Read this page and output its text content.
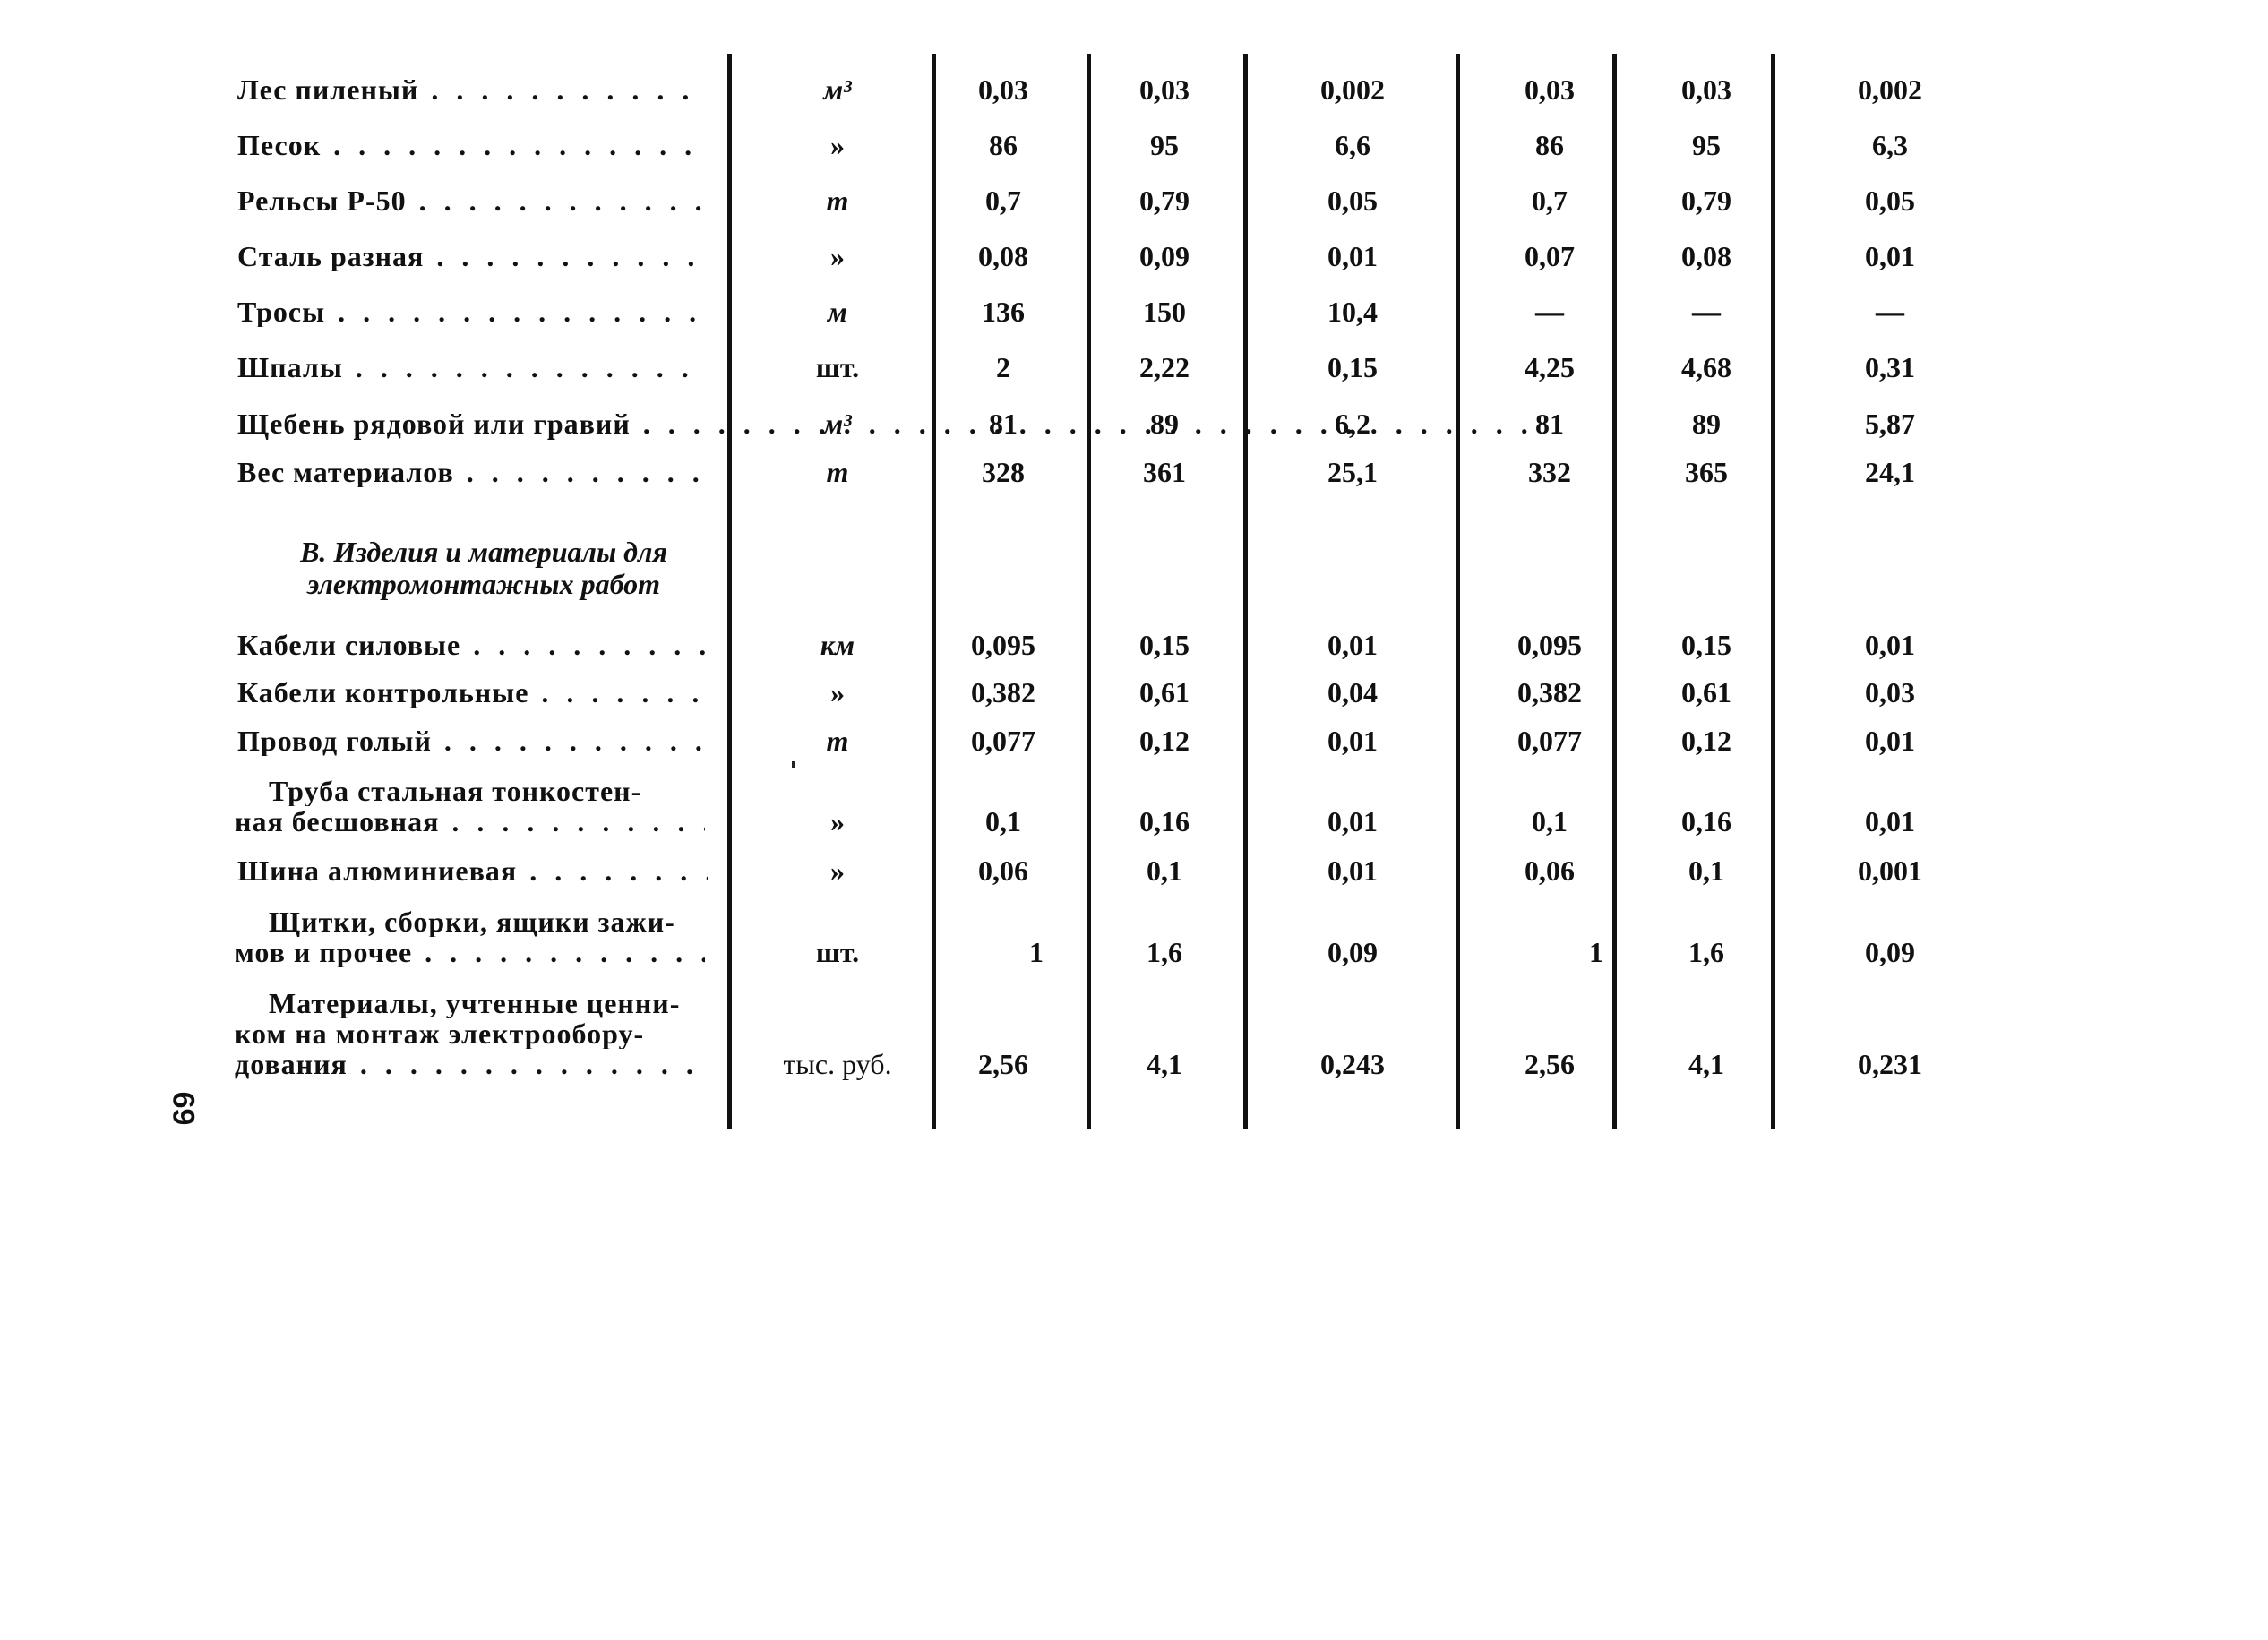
Лес пиленый . . .	м³	0,03	0,03	0,002	0,03	0,03	0,002
Песок . . .	»	86	95	6,6	86	95	6,3
Рельсы Р-50 . . .	т	0,7	0,79	0,05	0,7	0,79	0,05
Сталь разная . . .	»	0,08	0,09	0,01	0,07	0,08	0,01
Тросы . . .	м	136	150	10,4	—	—	—
Шпалы . . .	шт.	2	2,22	0,15	4,25	4,68	0,31
Щебень рядовой или гравий . . .	м³	81	89	6,2	81	89	5,87
Вес материалов . . .	т	328	361	25,1	332	365	24,1
В. Изделия и материалы для
электромонтажных работ
Кабели силовые . . .	км	0,095	0,15	0,01	0,095	0,15	0,01
Кабели контрольные . . .	»	0,382	0,61	0,04	0,382	0,61	0,03
Провод голый . . .	т	0,077	0,12	0,01	0,077	0,12	0,01
Труба стальная тонкостен-
ная бесшовная . . .	»	0,1	0,16	0,01	0,1	0,16	0,01
Шина алюминиевая . . .	»	0,06	0,1	0,01	0,06	0,1	0,001
Щитки, сборки, ящики зажи-
мов и прочее . . .	шт.	1	1,6	0,09	1	1,6	0,09
Материалы, учтенные ценни-
ком на монтаж электрообору-
дования . . .	тыс. руб.	2,56	4,1	0,243	2,56	4,1	0,231
69
